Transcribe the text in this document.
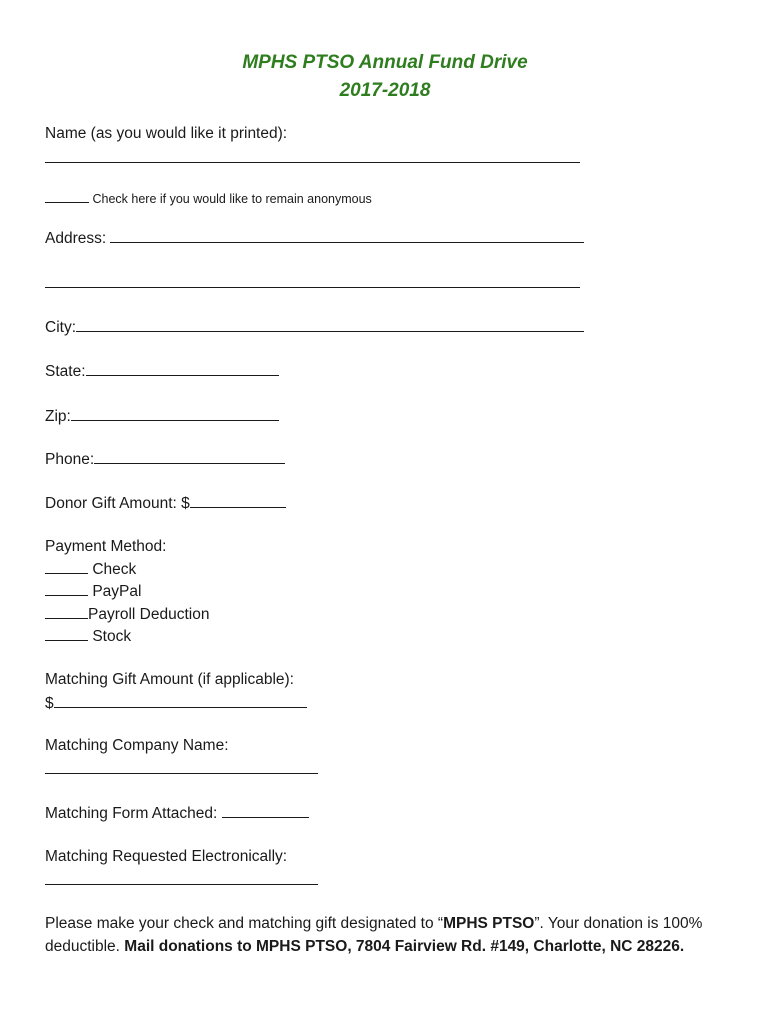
MPHS PTSO Annual Fund Drive
2017-2018
Name (as you would like it printed):
Check here if you would like to remain anonymous
Address:
City:
State:
Zip:
Phone:
Donor Gift Amount: $
Payment Method:
Check
PayPal
Payroll Deduction
Stock
Matching Gift Amount (if applicable):
$
Matching Company Name:
Matching Form Attached:
Matching Requested Electronically:
Please make your check and matching gift designated to “MPHS PTSO”. Your donation is 100% deductible. Mail donations to MPHS PTSO, 7804 Fairview Rd. #149, Charlotte, NC 28226.
